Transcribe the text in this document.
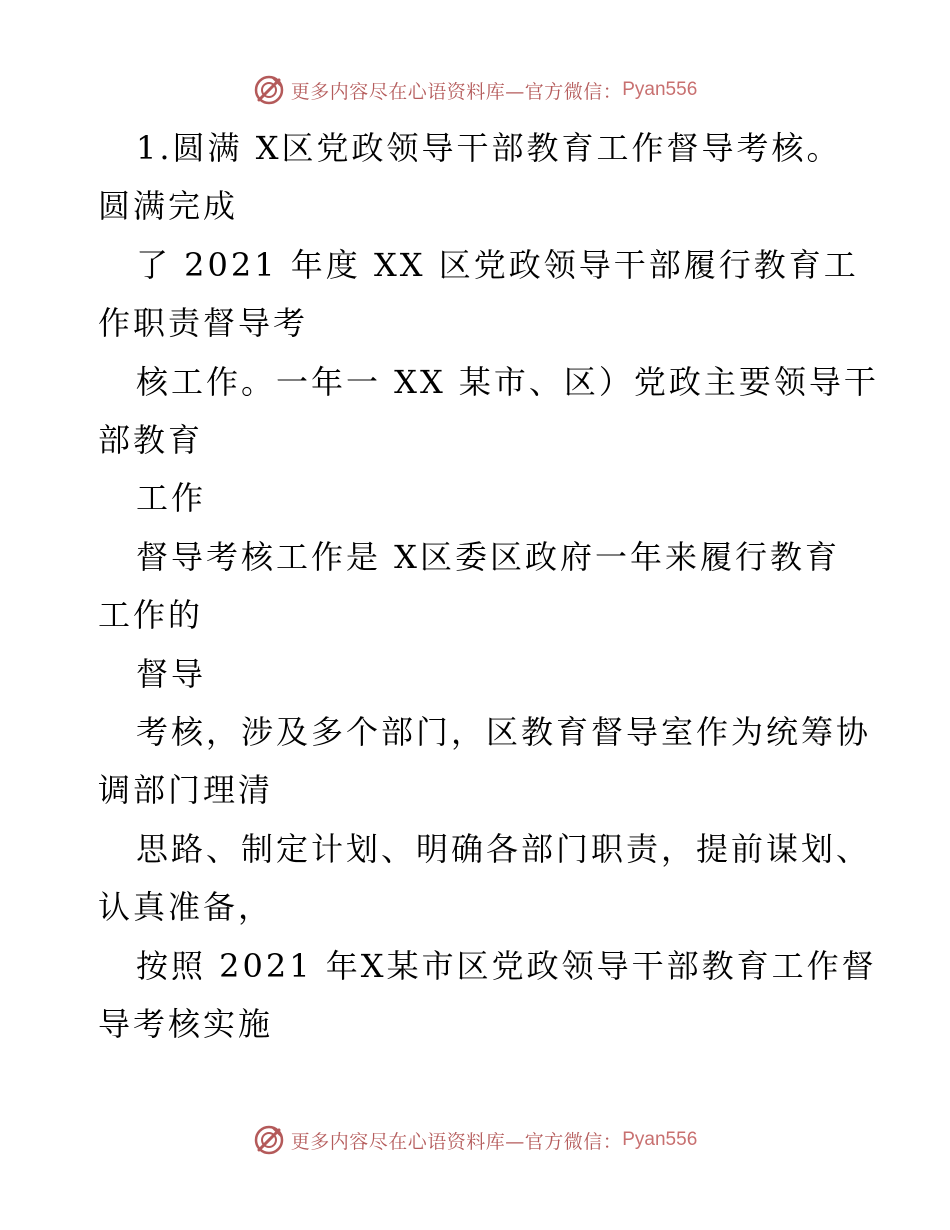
更多内容尽在心语资料库—官方微信： Pyan556
1.圆满 X区党政领导干部教育工作督导考核。
圆满完成
了 2021 年度 XX 区党政领导干部履行教育工
作职责督导考
核工作。一年一 XX 某市、区）党政主要领导干
部教育
工作
督导考核工作是 X区委区政府一年来履行教育
工作的
督导
考核，涉及多个部门，区教育督导室作为统筹协
调部门理清
思路、制定计划、明确各部门职责，提前谋划、
认真准备，
按照 2021 年X某市区党政领导干部教育工作督
导考核实施
更多内容尽在心语资料库—官方微信： Pyan556
